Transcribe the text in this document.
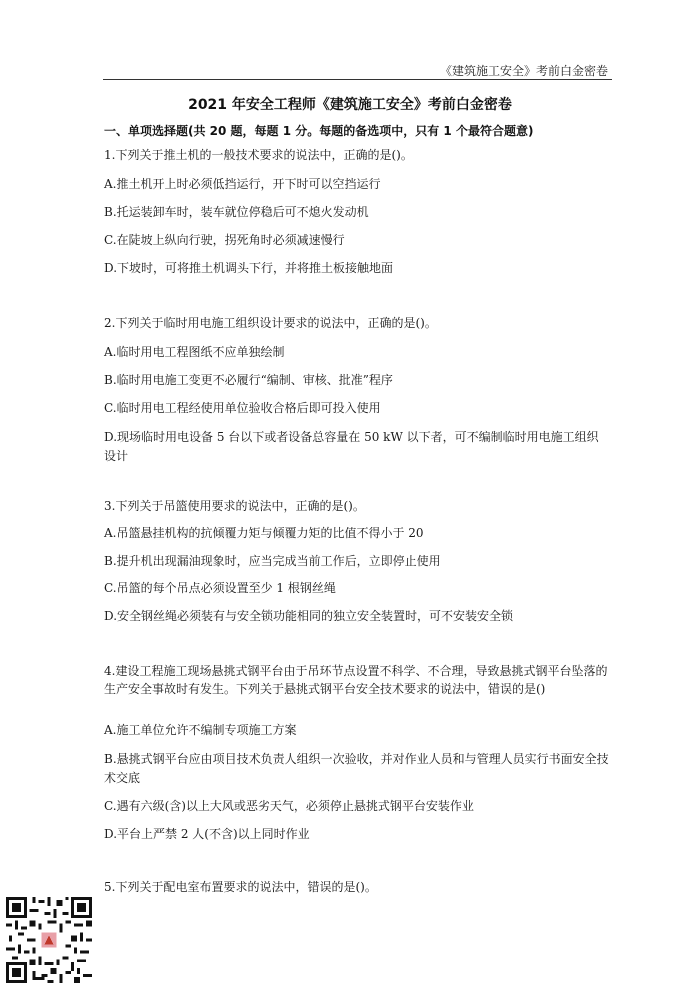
《建筑施工安全》考前白金密卷
2021 年安全工程师《建筑施工安全》考前白金密卷
一、单项选择题(共 20 题，每题 1 分。每题的备选项中，只有 1 个最符合题意)

1.下列关于推土机的一般技术要求的说法中，正确的是()。

A.推土机开上时必须低挡运行，开下时可以空挡运行

B.托运装卸车时，装车就位停稳后可不熄火发动机

C.在陡坡上纵向行驶，拐死角时必须减速慢行

D.下坡时，可将推土机调头下行，并将推土板接触地面

2.下列关于临时用电施工组织设计要求的说法中，正确的是()。

A.临时用电工程图纸不应单独绘制

B.临时用电施工变更不必履行“编制、审核、批准”程序

C.临时用电工程经使用单位验收合格后即可投入使用

D.现场临时用电设备 5 台以下或者设备总容量在 50 kW 以下者，可不编制临时用电施工组织设计

3.下列关于吊篮使用要求的说法中，正确的是()。

A.吊篮悬挂机构的抗倾覆力矩与倾覆力矩的比值不得小于 20

B.提升机出现漏油现象时，应当完成当前工作后，立即停止使用

C.吊篮的每个吊点必须设置至少 1 根钢丝绳

D.安全钢丝绳必须装有与安全锁功能相同的独立安全装置时，可不安装安全锁

4.建设工程施工现场悬挑式钢平台由于吊环节点设置不科学、不合理，导致悬挑式钢平台坠落的生产安全事故时有发生。下列关于悬挑式钢平台安全技术要求的说法中，错误的是()

A.施工单位允许不编制专项施工方案

B.悬挑式钢平台应由项目技术负责人组织一次验收，并对作业人员和与管理人员实行书面安全技术交底

C.遇有六级(含)以上大风或恶劣天气，必须停止悬挑式钢平台安装作业

D.平台上严禁 2 人(不含)以上同时作业

5.下列关于配电室布置要求的说法中，错误的是()。
